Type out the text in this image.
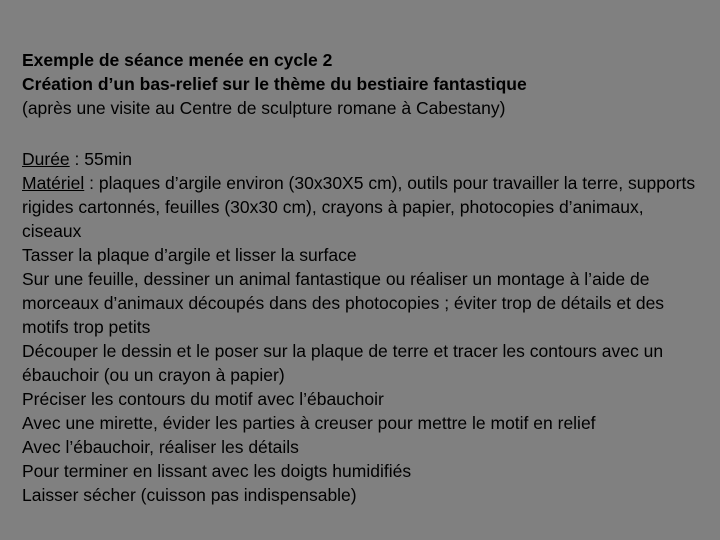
Exemple de séance menée en cycle 2
Création d’un bas-relief sur le thème du bestiaire fantastique
(après une visite au Centre de sculpture romane à Cabestany)
Durée : 55min
Matériel : plaques d’argile environ (30x30X5 cm), outils pour travailler la terre, supports rigides cartonnés, feuilles (30x30 cm), crayons à papier, photocopies d’animaux, ciseaux
Tasser la plaque d’argile et lisser la surface
Sur une feuille, dessiner un animal fantastique ou réaliser un montage à l’aide de morceaux d’animaux découpés dans des photocopies ; éviter trop de détails et des motifs trop petits
Découper le dessin et le poser sur la plaque de terre et tracer les contours avec un ébauchoir (ou un crayon à papier)
Préciser les contours du motif avec l’ébauchoir
Avec une mirette, évider les parties à creuser pour mettre le motif en relief
Avec l’ébauchoir, réaliser les détails
Pour terminer en lissant avec les doigts humidifiés
Laisser sécher (cuisson pas indispensable)
